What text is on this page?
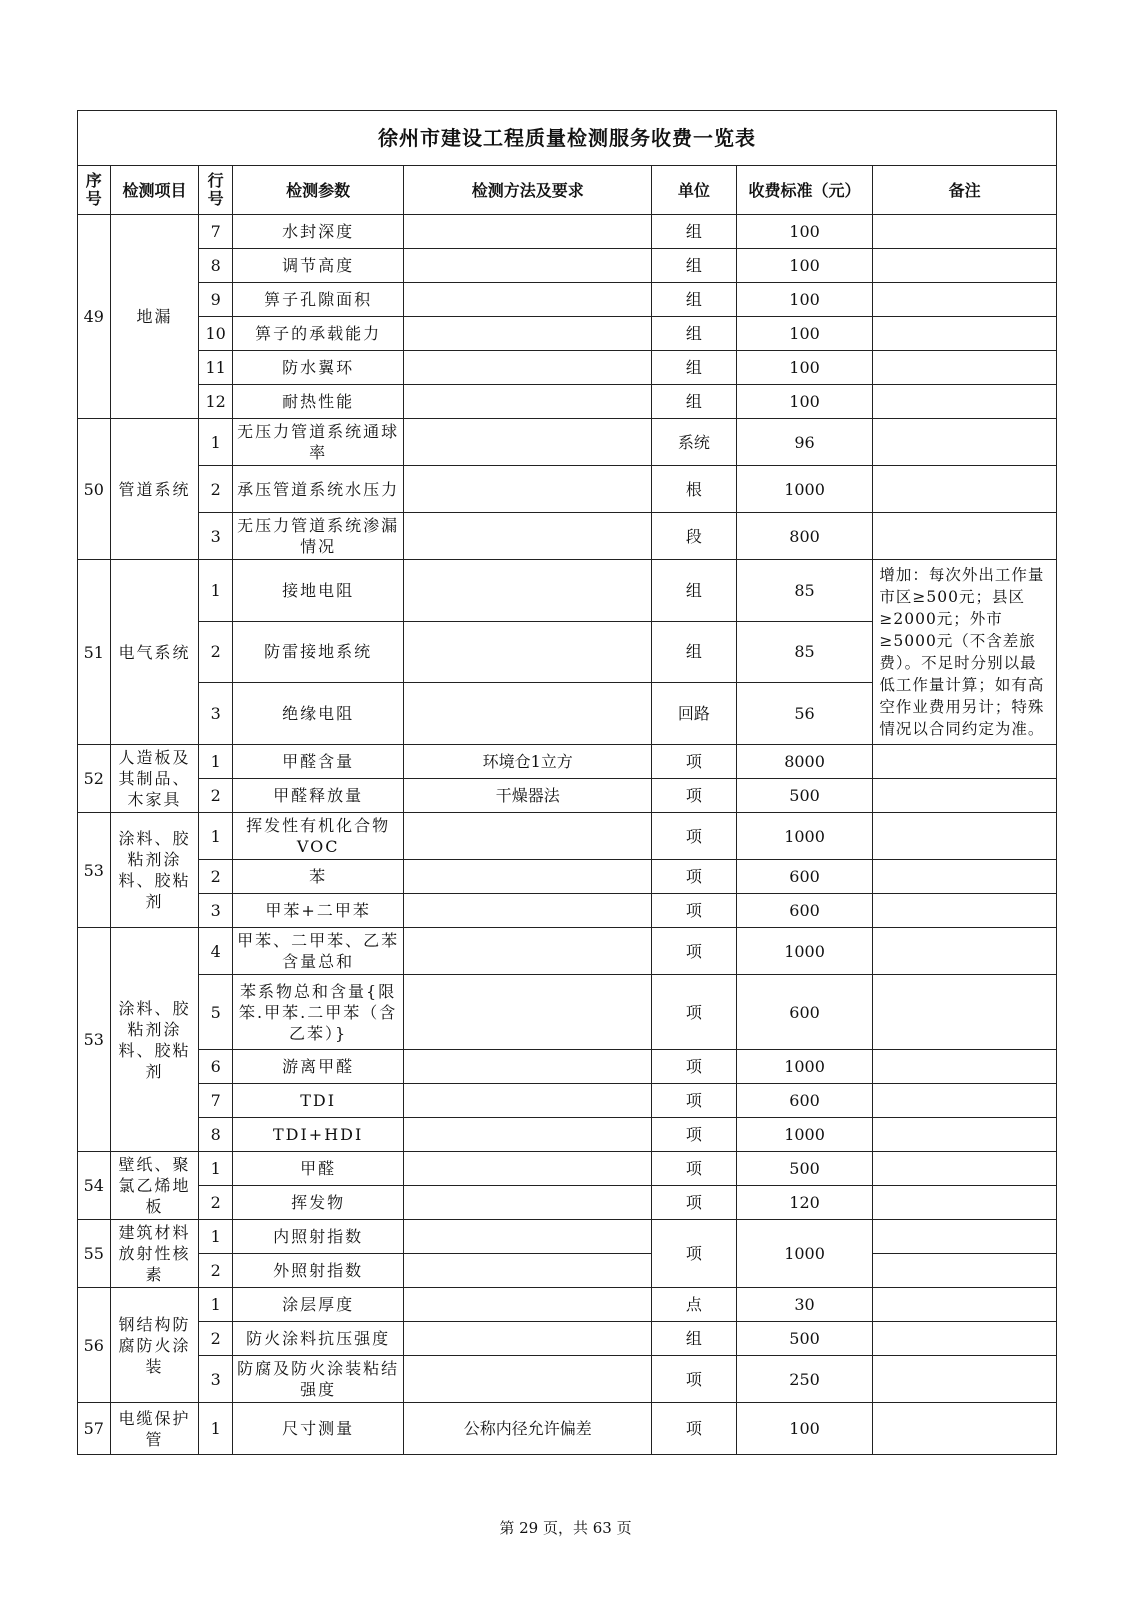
徐州市建设工程质量检测服务收费一览表							
序号	检测项目	行号	检测参数	检测方法及要求	单位	收费标准（元）	备注
49	地漏	7	水封深度		组	100	
		8	调节高度		组	100	
		9	箅子孔隙面积		组	100	
		10	箅子的承载能力		组	100	
		11	防水翼环		组	100	
		12	耐热性能		组	100	
50	管道系统	1	无压力管道系统通球率		系统	96	
		2	承压管道系统水压力		根	1000	
		3	无压力管道系统渗漏情况		段	800	
51	电气系统	1	接地电阻		组	85	增加：每次外出工作量市区≥500元；县区≥2000元；外市≥5000元（不含差旅费）。不足时分别以最低工作量计算；如有高空作业费用另计；特殊情况以合同约定为准。
		2	防雷接地系统		组	85	
		3	绝缘电阻		回路	56	
52	人造板及其制品、木家具	1	甲醛含量	环境仓1立方	项	8000	
		2	甲醛释放量	干燥器法	项	500	
53	涂料、胶粘剂涂料、胶粘剂	1	挥发性有机化合物VOC		项	1000	
		2	苯		项	600	
		3	甲苯+二甲苯		项	600	
53	涂料、胶粘剂涂料、胶粘剂	4	甲苯、二甲苯、乙苯含量总和		项	1000	
		5	苯系物总和含量{限笨.甲苯.二甲苯（含乙苯）}		项	600	
		6	游离甲醛		项	1000	
		7	TDI		项	600	
		8	TDI+HDI		项	1000	
54	壁纸、聚氯乙烯地板	1	甲醛		项	500	
		2	挥发物		项	120	
55	建筑材料放射性核素	1	内照射指数		项	1000	
		2	外照射指数				
56	钢结构防腐防火涂装	1	涂层厚度		点	30	
		2	防火涂料抗压强度		组	500	
		3	防腐及防火涂装粘结强度		项	250	
57	电缆保护管	1	尺寸测量	公称内径允许偏差	项	100	
第 29 页，共 63 页
